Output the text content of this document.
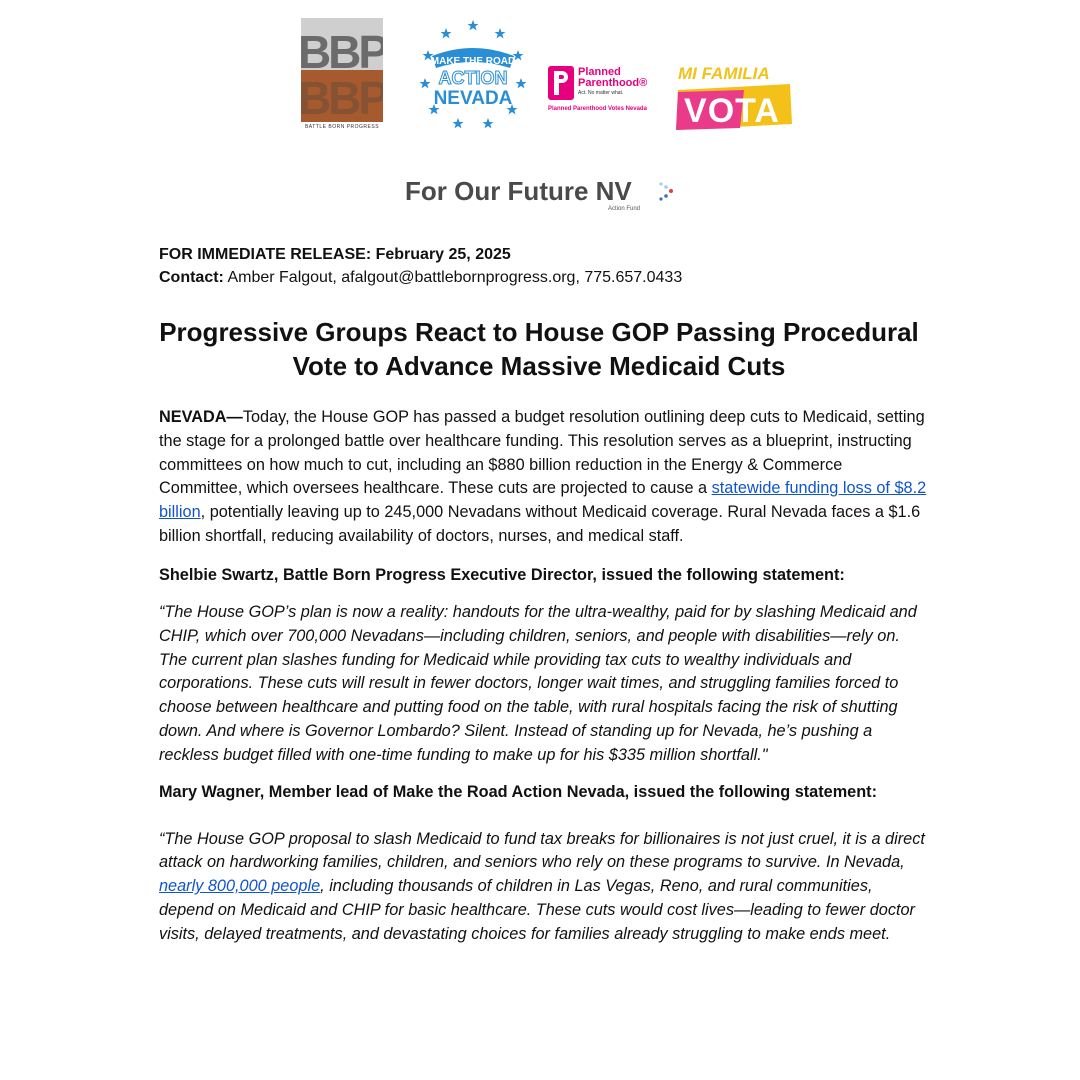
BBP
BBP
BATTLE BORN PROGRESS
MAKE THE ROAD
ACTION
NEVADA
Planned Parenthood®
Act. No matter what.
Planned Parenthood Votes Nevada
MI FAMILIA
VOTA
For Our Future NV
Action Fund
FOR IMMEDIATE RELEASE: February 25, 2025
Contact: Amber Falgout, afalgout@battlebornprogress.org, 775.657.0433
Progressive Groups React to House GOP Passing Procedural Vote to Advance Massive Medicaid Cuts
NEVADA—Today, the House GOP has passed a budget resolution outlining deep cuts to Medicaid, setting the stage for a prolonged battle over healthcare funding. This resolution serves as a blueprint, instructing committees on how much to cut, including an $880 billion reduction in the Energy & Commerce Committee, which oversees healthcare. These cuts are projected to cause a statewide funding loss of $8.2 billion, potentially leaving up to 245,000 Nevadans without Medicaid coverage. Rural Nevada faces a $1.6 billion shortfall, reducing availability of doctors, nurses, and medical staff.
Shelbie Swartz, Battle Born Progress Executive Director, issued the following statement:
“The House GOP’s plan is now a reality: handouts for the ultra-wealthy, paid for by slashing Medicaid and CHIP, which over 700,000 Nevadans—including children, seniors, and people with disabilities—rely on. The current plan slashes funding for Medicaid while providing tax cuts to wealthy individuals and corporations. These cuts will result in fewer doctors, longer wait times, and struggling families forced to choose between healthcare and putting food on the table, with rural hospitals facing the risk of shutting down. And where is Governor Lombardo? Silent. Instead of standing up for Nevada, he’s pushing a reckless budget filled with one-time funding to make up for his $335 million shortfall."
Mary Wagner, Member lead of Make the Road Action Nevada, issued the following statement:
“The House GOP proposal to slash Medicaid to fund tax breaks for billionaires is not just cruel, it is a direct attack on hardworking families, children, and seniors who rely on these programs to survive. In Nevada, nearly 800,000 people, including thousands of children in Las Vegas, Reno, and rural communities, depend on Medicaid and CHIP for basic healthcare. These cuts would cost lives—leading to fewer doctor visits, delayed treatments, and devastating choices for families already struggling to make ends meet.
